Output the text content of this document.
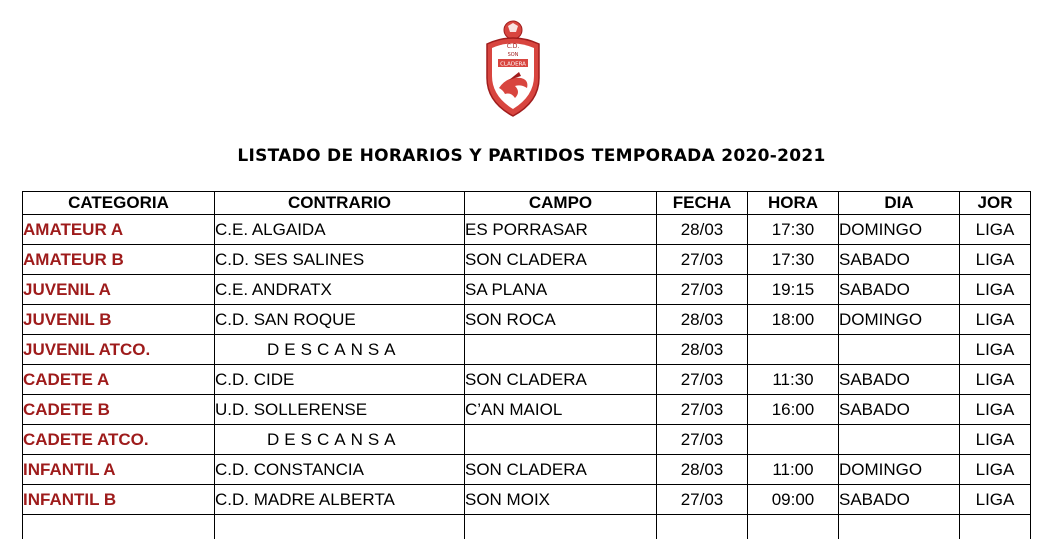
C.D.
SON
CLADERA
LISTADO DE HORARIOS Y PARTIDOS TEMPORADA 2020-2021
CATEGORIA	CONTRARIO	CAMPO	FECHA	HORA	DIA	JOR
AMATEUR A	C.E. ALGAIDA	ES PORRASAR	28/03	17:30	DOMINGO	LIGA
AMATEUR B	C.D. SES SALINES	SON CLADERA	27/03	17:30	SABADO	LIGA
JUVENIL A	C.E. ANDRATX	SA PLANA	27/03	19:15	SABADO	LIGA
JUVENIL B	C.D. SAN ROQUE	SON ROCA	28/03	18:00	DOMINGO	LIGA
JUVENIL ATCO.	DESCANSA		28/03			LIGA
CADETE A	C.D. CIDE	SON CLADERA	27/03	11:30	SABADO	LIGA
CADETE B	U.D. SOLLERENSE	C’AN MAIOL	27/03	16:00	SABADO	LIGA
CADETE ATCO.	DESCANSA		27/03			LIGA
INFANTIL A	C.D. CONSTANCIA	SON CLADERA	28/03	11:00	DOMINGO	LIGA
INFANTIL B	C.D. MADRE ALBERTA	SON MOIX	27/03	09:00	SABADO	LIGA
